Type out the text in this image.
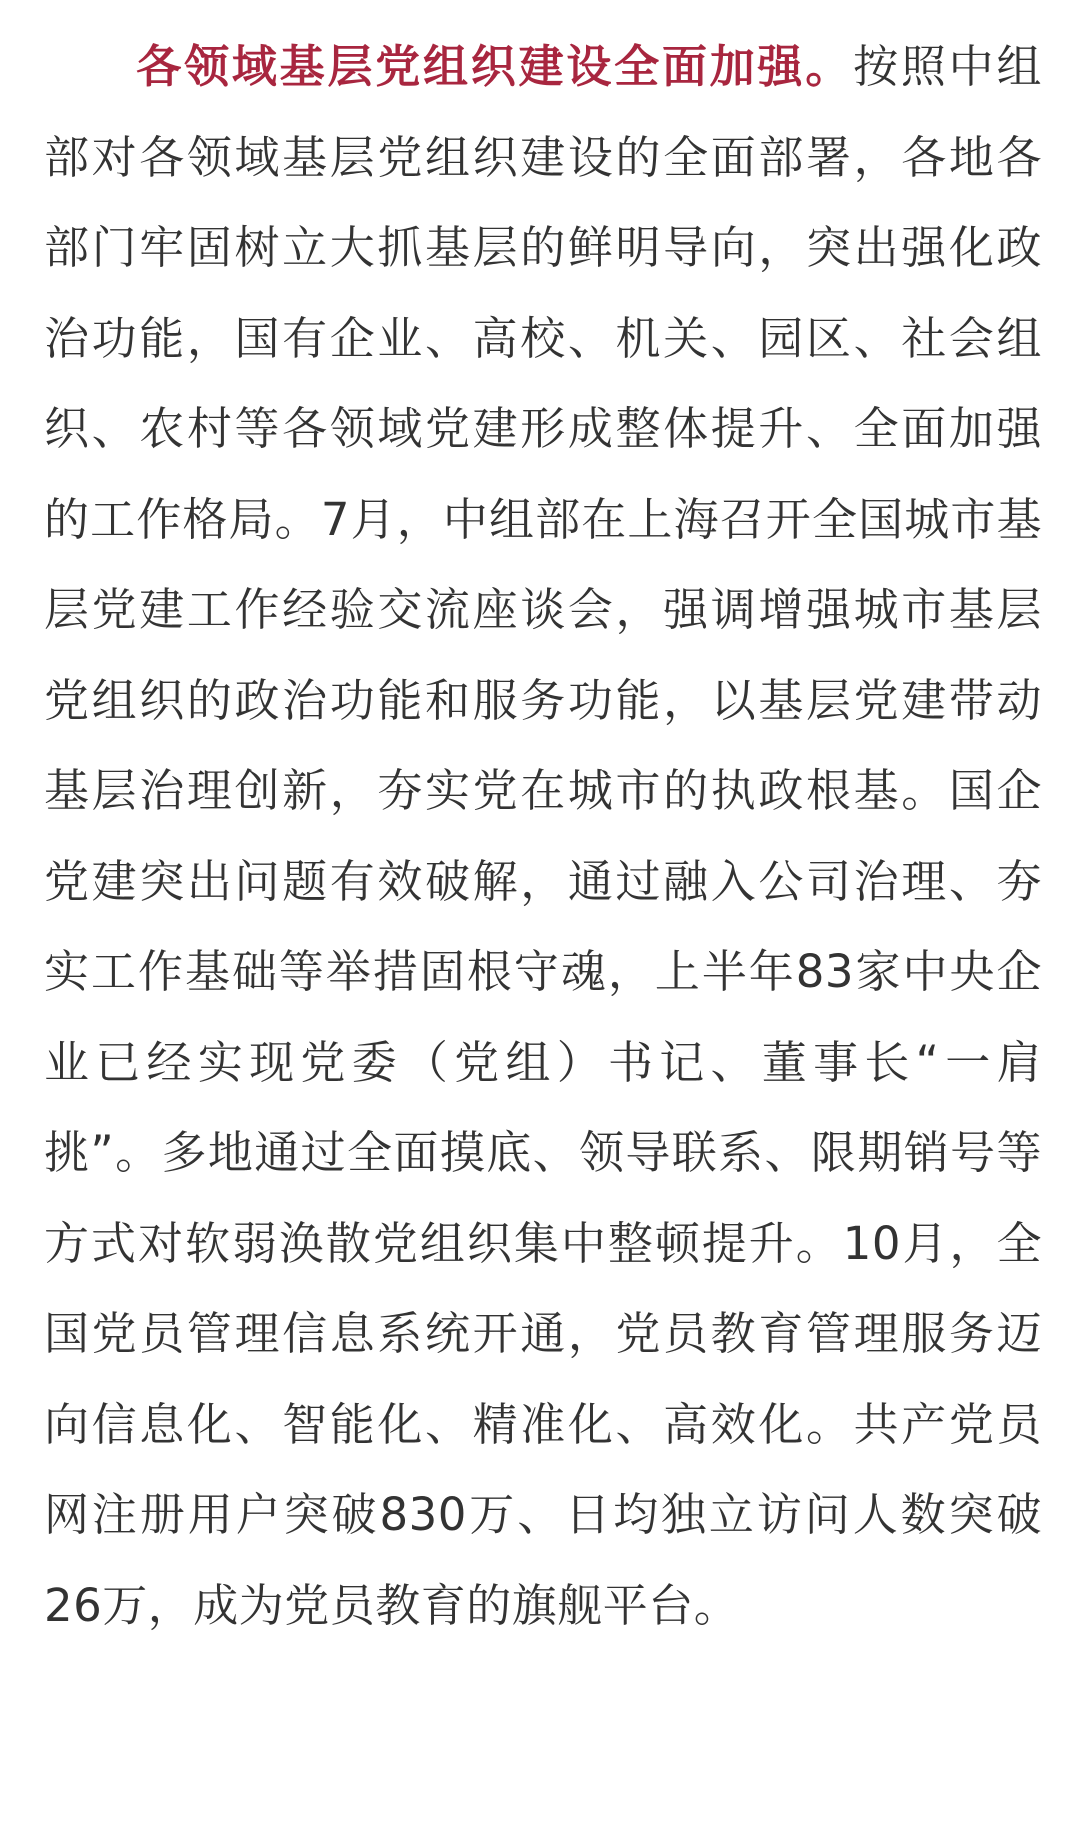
各领域基层党组织建设全面加强。按照中组部对各领域基层党组织建设的全面部署，各地各部门牢固树立大抓基层的鲜明导向，突出强化政治功能，国有企业、高校、机关、园区、社会组织、农村等各领域党建形成整体提升、全面加强的工作格局。7月，中组部在上海召开全国城市基层党建工作经验交流座谈会，强调增强城市基层党组织的政治功能和服务功能，以基层党建带动基层治理创新，夯实党在城市的执政根基。国企党建突出问题有效破解，通过融入公司治理、夯实工作基础等举措固根守魂，上半年83家中央企业已经实现党委（党组）书记、董事长“一肩挑”。多地通过全面摸底、领导联系、限期销号等方式对软弱涣散党组织集中整顿提升。10月，全国党员管理信息系统开通，党员教育管理服务迈向信息化、智能化、精准化、高效化。共产党员网注册用户突破830万、日均独立访问人数突破26万，成为党员教育的旗舰平台。
